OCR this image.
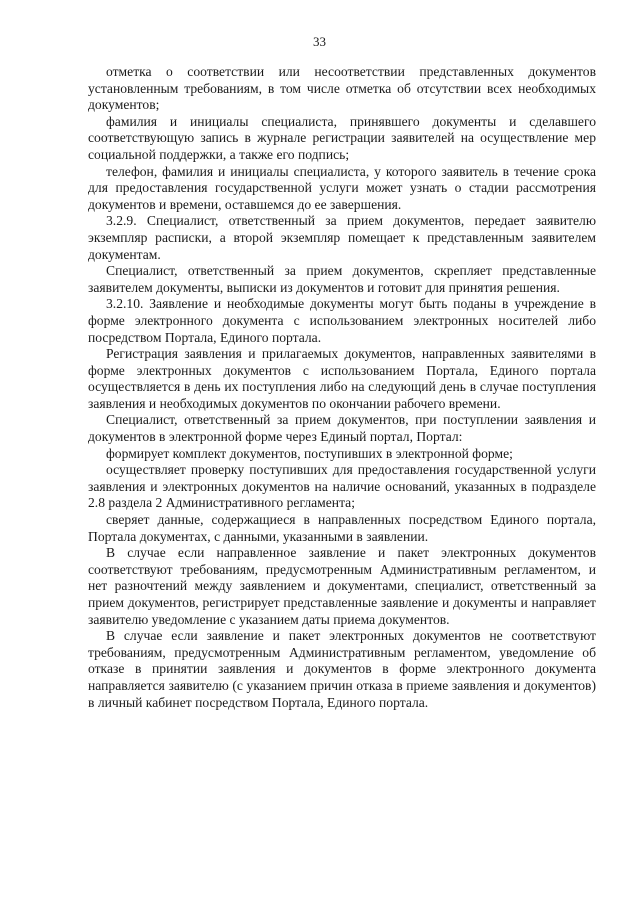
33

отметка о соответствии или несоответствии представленных документов установленным требованиям, в том числе отметка об отсутствии всех необходимых документов;

фамилия и инициалы специалиста, принявшего документы и сделавшего соответствующую запись в журнале регистрации заявителей на осуществление мер социальной поддержки, а также его подпись;

телефон, фамилия и инициалы специалиста, у которого заявитель в течение срока для предоставления государственной услуги может узнать о стадии рассмотрения документов и времени, оставшемся до ее завершения.

3.2.9. Специалист, ответственный за прием документов, передает заявителю экземпляр расписки, а второй экземпляр помещает к представленным заявителем документам.

Специалист, ответственный за прием документов, скрепляет представленные заявителем документы, выписки из документов и готовит для принятия решения.

3.2.10. Заявление и необходимые документы могут быть поданы в учреждение в форме электронного документа с использованием электронных носителей либо посредством Портала, Единого портала.

Регистрация заявления и прилагаемых документов, направленных заявителями в форме электронных документов с использованием Портала, Единого портала осуществляется в день их поступления либо на следующий день в случае поступления заявления и необходимых документов по окончании рабочего времени.

Специалист, ответственный за прием документов, при поступлении заявления и документов в электронной форме через Единый портал, Портал:

формирует комплект документов, поступивших в электронной форме;

осуществляет проверку поступивших для предоставления государственной услуги заявления и электронных документов на наличие оснований, указанных в подразделе 2.8 раздела 2 Административного регламента;

сверяет данные, содержащиеся в направленных посредством Единого портала, Портала документах, с данными, указанными в заявлении.

В случае если направленное заявление и пакет электронных документов соответствуют требованиям, предусмотренным Административным регламентом, и нет разночтений между заявлением и документами, специалист, ответственный за прием документов, регистрирует представленные заявление и документы и направляет заявителю уведомление с указанием даты приема документов.

В случае если заявление и пакет электронных документов не соответствуют требованиям, предусмотренным Административным регламентом, уведомление об отказе в принятии заявления и документов в форме электронного документа направляется заявителю (с указанием причин отказа в приеме заявления и документов) в личный кабинет посредством Портала, Единого портала.
